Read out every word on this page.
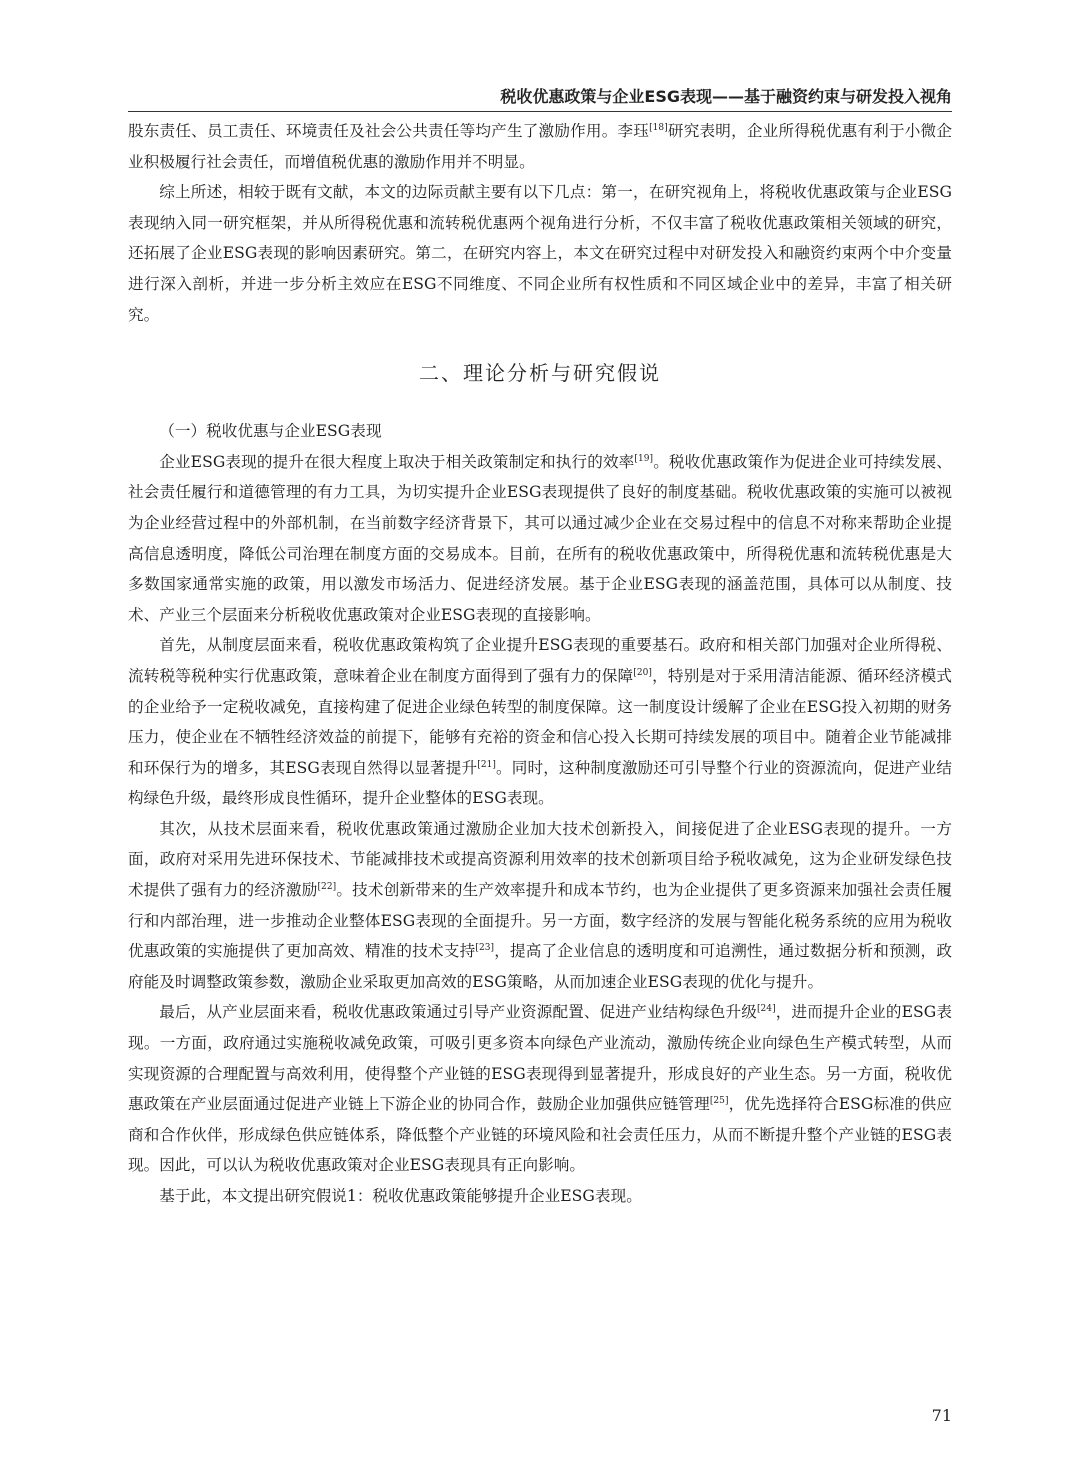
税收优惠政策与企业ESG表现——基于融资约束与研发投入视角

股东责任、员工责任、环境责任及社会公共责任等均产生了激励作用。李珏[18]研究表明，企业所得税优惠有利于小微企业积极履行社会责任，而增值税优惠的激励作用并不明显。

综上所述，相较于既有文献，本文的边际贡献主要有以下几点：第一，在研究视角上，将税收优惠政策与企业ESG表现纳入同一研究框架，并从所得税优惠和流转税优惠两个视角进行分析，不仅丰富了税收优惠政策相关领域的研究，还拓展了企业ESG表现的影响因素研究。第二，在研究内容上，本文在研究过程中对研发投入和融资约束两个中介变量进行深入剖析，并进一步分析主效应在ESG不同维度、不同企业所有权性质和不同区域企业中的差异，丰富了相关研究。

二、理论分析与研究假说

（一）税收优惠与企业ESG表现

企业ESG表现的提升在很大程度上取决于相关政策制定和执行的效率[19]。税收优惠政策作为促进企业可持续发展、社会责任履行和道德管理的有力工具，为切实提升企业ESG表现提供了良好的制度基础。税收优惠政策的实施可以被视为企业经营过程中的外部机制，在当前数字经济背景下，其可以通过减少企业在交易过程中的信息不对称来帮助企业提高信息透明度，降低公司治理在制度方面的交易成本。目前，在所有的税收优惠政策中，所得税优惠和流转税优惠是大多数国家通常实施的政策，用以激发市场活力、促进经济发展。基于企业ESG表现的涵盖范围，具体可以从制度、技术、产业三个层面来分析税收优惠政策对企业ESG表现的直接影响。

首先，从制度层面来看，税收优惠政策构筑了企业提升ESG表现的重要基石。政府和相关部门加强对企业所得税、流转税等税种实行优惠政策，意味着企业在制度方面得到了强有力的保障[20]，特别是对于采用清洁能源、循环经济模式的企业给予一定税收减免，直接构建了促进企业绿色转型的制度保障。这一制度设计缓解了企业在ESG投入初期的财务压力，使企业在不牺牲经济效益的前提下，能够有充裕的资金和信心投入长期可持续发展的项目中。随着企业节能减排和环保行为的增多，其ESG表现自然得以显著提升[21]。同时，这种制度激励还可引导整个行业的资源流向，促进产业结构绿色升级，最终形成良性循环，提升企业整体的ESG表现。

其次，从技术层面来看，税收优惠政策通过激励企业加大技术创新投入，间接促进了企业ESG表现的提升。一方面，政府对采用先进环保技术、节能减排技术或提高资源利用效率的技术创新项目给予税收减免，这为企业研发绿色技术提供了强有力的经济激励[22]。技术创新带来的生产效率提升和成本节约，也为企业提供了更多资源来加强社会责任履行和内部治理，进一步推动企业整体ESG表现的全面提升。另一方面，数字经济的发展与智能化税务系统的应用为税收优惠政策的实施提供了更加高效、精准的技术支持[23]，提高了企业信息的透明度和可追溯性，通过数据分析和预测，政府能及时调整政策参数，激励企业采取更加高效的ESG策略，从而加速企业ESG表现的优化与提升。

最后，从产业层面来看，税收优惠政策通过引导产业资源配置、促进产业结构绿色升级[24]，进而提升企业的ESG表现。一方面，政府通过实施税收减免政策，可吸引更多资本向绿色产业流动，激励传统企业向绿色生产模式转型，从而实现资源的合理配置与高效利用，使得整个产业链的ESG表现得到显著提升，形成良好的产业生态。另一方面，税收优惠政策在产业层面通过促进产业链上下游企业的协同合作，鼓励企业加强供应链管理[25]，优先选择符合ESG标准的供应商和合作伙伴，形成绿色供应链体系，降低整个产业链的环境风险和社会责任压力，从而不断提升整个产业链的ESG表现。因此，可以认为税收优惠政策对企业ESG表现具有正向影响。

基于此，本文提出研究假说1：税收优惠政策能够提升企业ESG表现。

71
